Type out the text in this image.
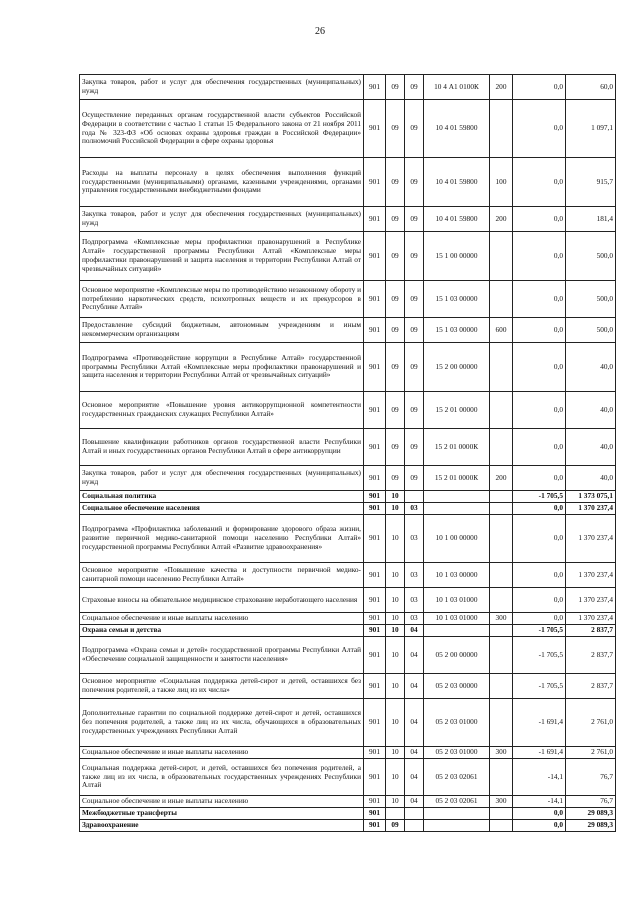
26
Закупка товаров, работ и услуг для обеспечения государственных (муниципальных) нужд	901	09	09	10 4 А1 0100К	200	0,0	60,0
Осуществление переданных органам государственной власти субъектов Российской Федерации в соответствии с частью 1 статьи 15 Федерального закона от 21 ноября 2011 года № 323-ФЗ «Об основах охраны здоровья граждан в Российской Федерации» полномочий Российской Федерации в сфере охраны здоровья	901	09	09	10 4 01 59800		0,0	1 097,1
Расходы на выплаты персоналу в целях обеспечения выполнения функций государственными (муниципальными) органами, казенными учреждениями, органами управления государственными внебюджетными фондами	901	09	09	10 4 01 59800	100	0,0	915,7
Закупка товаров, работ и услуг для обеспечения государственных (муниципальных) нужд	901	09	09	10 4 01 59800	200	0,0	181,4
Подпрограмма «Комплексные меры профилактики правонарушений в Республике Алтай» государственной программы Республики Алтай «Комплексные меры профилактики правонарушений и защита населения и территории Республики Алтай от чрезвычайных ситуаций»	901	09	09	15 1 00 00000		0,0	500,0
Основное мероприятие «Комплексные меры по противодействию незаконному обороту и потреблению наркотических средств, психотропных веществ и их прекурсоров в Республике Алтай»	901	09	09	15 1 03 00000		0,0	500,0
Предоставление субсидий бюджетным, автономным учреждениям и иным некоммерческим организациям	901	09	09	15 1 03 00000	600	0,0	500,0
Подпрограмма «Противодействие коррупции в Республике Алтай» государственной программы Республики Алтай «Комплексные меры профилактики правонарушений и защита населения и территории Республики Алтай от чрезвычайных ситуаций»	901	09	09	15 2 00 00000		0,0	40,0
Основное мероприятие «Повышение уровня антикоррупционной компетентности государственных гражданских служащих Республики Алтай»	901	09	09	15 2 01 00000		0,0	40,0
Повышение квалификации работников органов государственной власти Республики Алтай и иных государственных органов Республики Алтай в сфере антикоррупции	901	09	09	15 2 01 0000К		0,0	40,0
Закупка товаров, работ и услуг для обеспечения государственных (муниципальных) нужд	901	09	09	15 2 01 0000К	200	0,0	40,0
Социальная политика	901	10				-1 705,5	1 373 075,1
Социальное обеспечение населения	901	10	03			0,0	1 370 237,4
Подпрограмма «Профилактика заболеваний и формирование здорового образа жизни, развитие первичной медико-санитарной помощи населению Республики Алтай» государственной программы Республики Алтай «Развитие здравоохранения»	901	10	03	10 1 00 00000		0,0	1 370 237,4
Основное мероприятие «Повышение качества и доступности первичной медико-санитарной помощи населению Республики Алтай»	901	10	03	10 1 03 00000		0,0	1 370 237,4
Страховые взносы на обязательное медицинское страхование неработающего населения	901	10	03	10 1 03 01000		0,0	1 370 237,4
Социальное обеспечение и иные выплаты населению	901	10	03	10 1 03 01000	300	0,0	1 370 237,4
Охрана семьи и детства	901	10	04			-1 705,5	2 837,7
Подпрограмма «Охрана семьи и детей» государственной программы Республики Алтай «Обеспечение социальной защищенности и занятости населения»	901	10	04	05 2 00 00000		-1 705,5	2 837,7
Основное мероприятие «Социальная поддержка детей-сирот и детей, оставшихся без попечения родителей, а также лиц из их числа»	901	10	04	05 2 03 00000		-1 705,5	2 837,7
Дополнительные гарантии по социальной поддержке детей-сирот и детей, оставшихся без попечения родителей, а также лиц из их числа, обучающихся в образовательных государственных учреждениях Республики Алтай	901	10	04	05 2 03 01000		-1 691,4	2 761,0
Социальное обеспечение и иные выплаты населению	901	10	04	05 2 03 01000	300	-1 691,4	2 761,0
Социальная поддержка детей-сирот, и детей, оставшихся без попечения родителей, а также лиц из их числа, в образовательных государственных учреждениях Республики Алтай	901	10	04	05 2 03 02061		-14,1	76,7
Социальное обеспечение и иные выплаты населению	901	10	04	05 2 03 02061	300	-14,1	76,7
Межбюджетные трансферты	901					0,0	29 089,3
Здравоохранение	901	09				0,0	29 089,3
